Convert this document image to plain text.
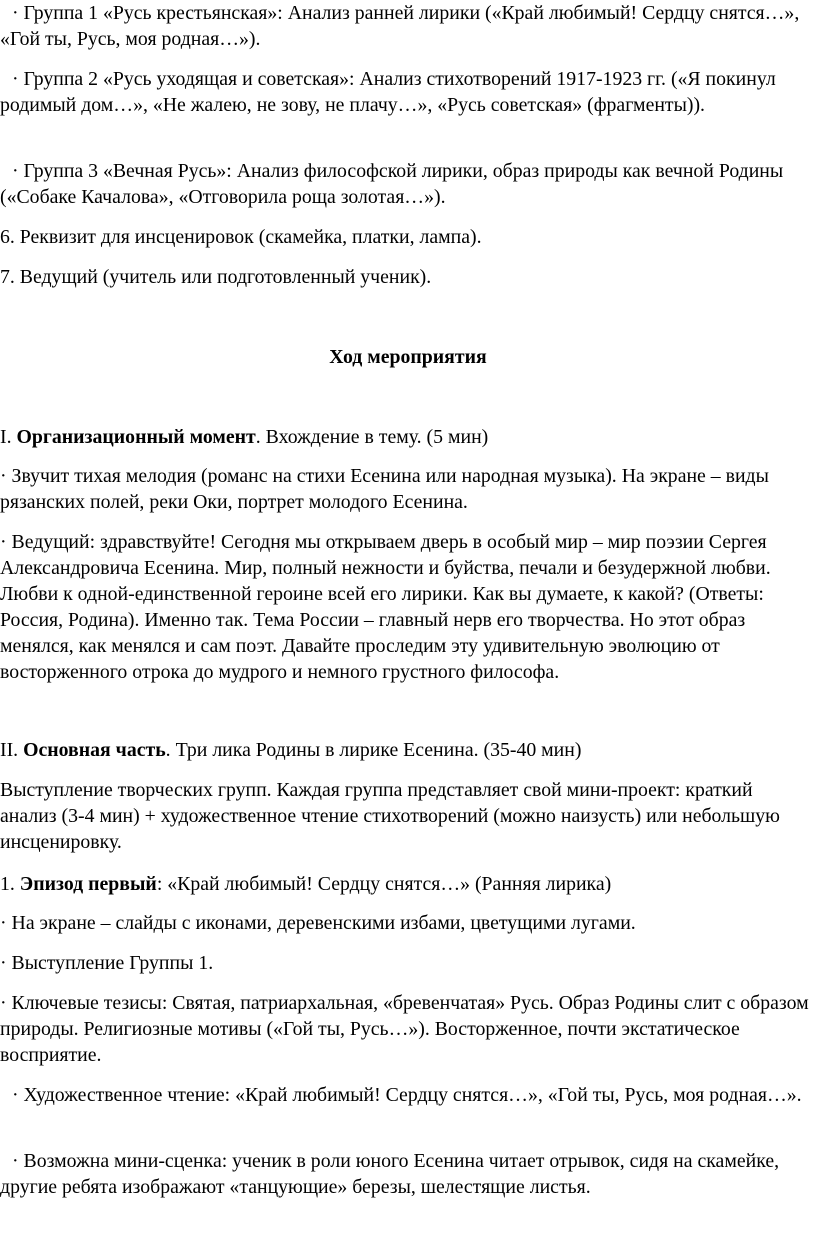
· Группа 1 «Русь крестьянская»: Анализ ранней лирики («Край любимый! Сердцу снятся…», «Гой ты, Русь, моя родная…»).

· Группа 2 «Русь уходящая и советская»: Анализ стихотворений 1917-1923 гг. («Я покинул родимый дом…», «Не жалею, не зову, не плачу…», «Русь советская» (фрагменты)).

· Группа 3 «Вечная Русь»: Анализ философской лирики, образ природы как вечной Родины («Собаке Качалова», «Отговорила роща золотая…»).

6. Реквизит для инсценировок (скамейка, платки, лампа).

7. Ведущий (учитель или подготовленный ученик).

Ход мероприятия

I. Организационный момент. Вхождение в тему. (5 мин)

· Звучит тихая мелодия (романс на стихи Есенина или народная музыка). На экране – виды рязанских полей, реки Оки, портрет молодого Есенина.

· Ведущий: здравствуйте! Сегодня мы открываем дверь в особый мир – мир поэзии Сергея Александровича Есенина. Мир, полный нежности и буйства, печали и безудержной любви. Любви к одной-единственной героине всей его лирики. Как вы думаете, к какой? (Ответы: Россия, Родина). Именно так. Тема России – главный нерв его творчества. Но этот образ менялся, как менялся и сам поэт. Давайте проследим эту удивительную эволюцию от восторженного отрока до мудрого и немного грустного философа.

II. Основная часть. Три лика Родины в лирике Есенина. (35-40 мин)

Выступление творческих групп. Каждая группа представляет свой мини-проект: краткий анализ (3-4 мин) + художественное чтение стихотворений (можно наизусть) или небольшую инсценировку.

1. Эпизод первый: «Край любимый! Сердцу снятся…» (Ранняя лирика)

· На экране – слайды с иконами, деревенскими избами, цветущими лугами.

· Выступление Группы 1.

· Ключевые тезисы: Святая, патриархальная, «бревенчатая» Русь. Образ Родины слит с образом природы. Религиозные мотивы («Гой ты, Русь…»). Восторженное, почти экстатическое восприятие.

· Художественное чтение: «Край любимый! Сердцу снятся…», «Гой ты, Русь, моя родная…».

· Возможна мини-сценка: ученик в роли юного Есенина читает отрывок, сидя на скамейке, другие ребята изображают «танцующие» березы, шелестящие листья.
